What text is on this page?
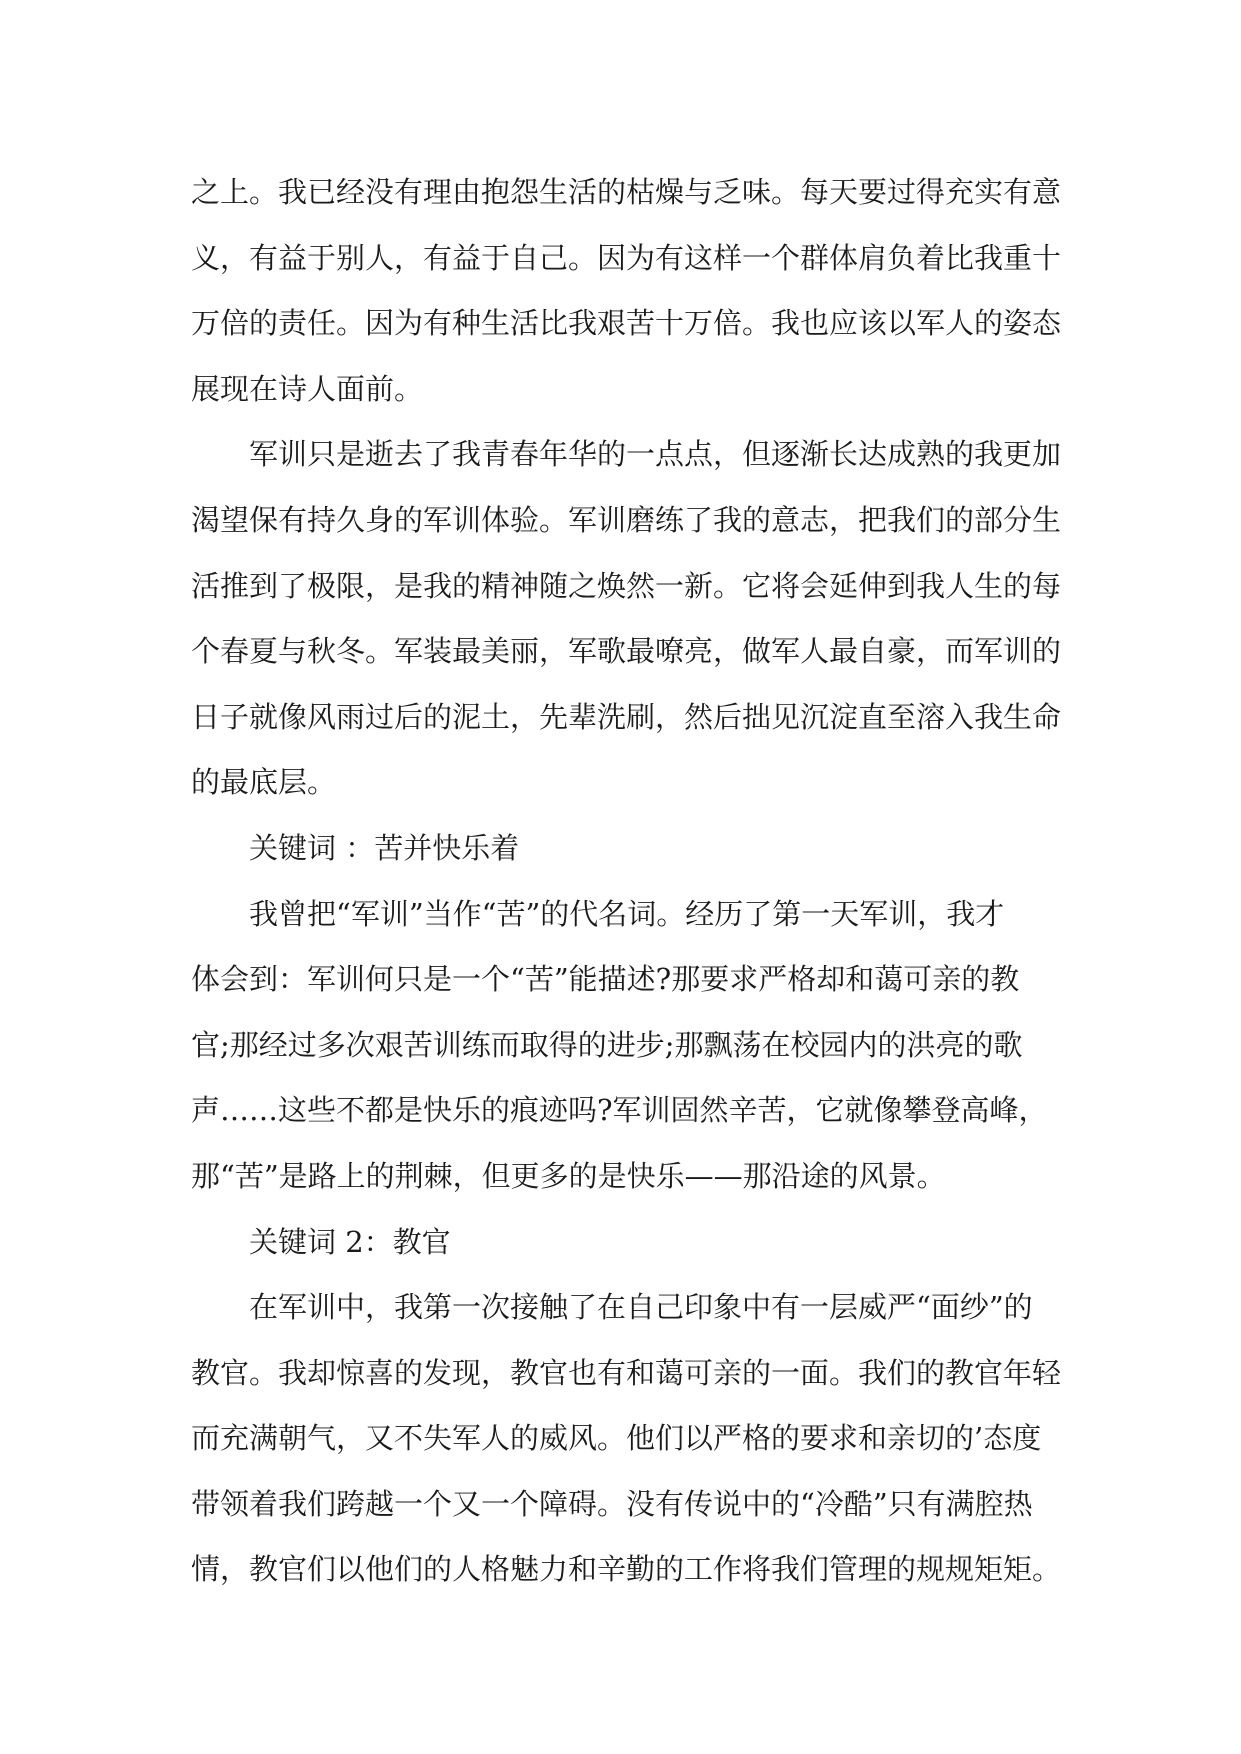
之上。我已经没有理由抱怨生活的枯燥与乏味。每天要过得充实有意
义，有益于别人，有益于自己。因为有这样一个群体肩负着比我重十
万倍的责任。因为有种生活比我艰苦十万倍。我也应该以军人的姿态
展现在诗人面前。
军训只是逝去了我青春年华的一点点，但逐渐长达成熟的我更加
渴望保有持久身的军训体验。军训磨练了我的意志，把我们的部分生
活推到了极限，是我的精神随之焕然一新。它将会延伸到我人生的每
个春夏与秋冬。军装最美丽，军歌最嘹亮，做军人最自豪，而军训的
日子就像风雨过后的泥土，先辈洗刷，然后拙见沉淀直至溶入我生命
的最底层。
关键词 ：苦并快乐着
我曾把“军训”当作“苦”的代名词。经历了第一天军训，我才
体会到：军训何只是一个“苦”能描述?那要求严格却和蔼可亲的教
官;那经过多次艰苦训练而取得的进步;那飘荡在校园内的洪亮的歌
声……这些不都是快乐的痕迹吗?军训固然辛苦，它就像攀登高峰，
那“苦”是路上的荆棘，但更多的是快乐——那沿途的风景。
关键词 2：教官
在军训中，我第一次接触了在自己印象中有一层威严“面纱”的
教官。我却惊喜的发现，教官也有和蔼可亲的一面。我们的教官年轻
而充满朝气，又不失军人的威风。他们以严格的要求和亲切的’态度
带领着我们跨越一个又一个障碍。没有传说中的“冷酷”只有满腔热
情，教官们以他们的人格魅力和辛勤的工作将我们管理的规规矩矩。
